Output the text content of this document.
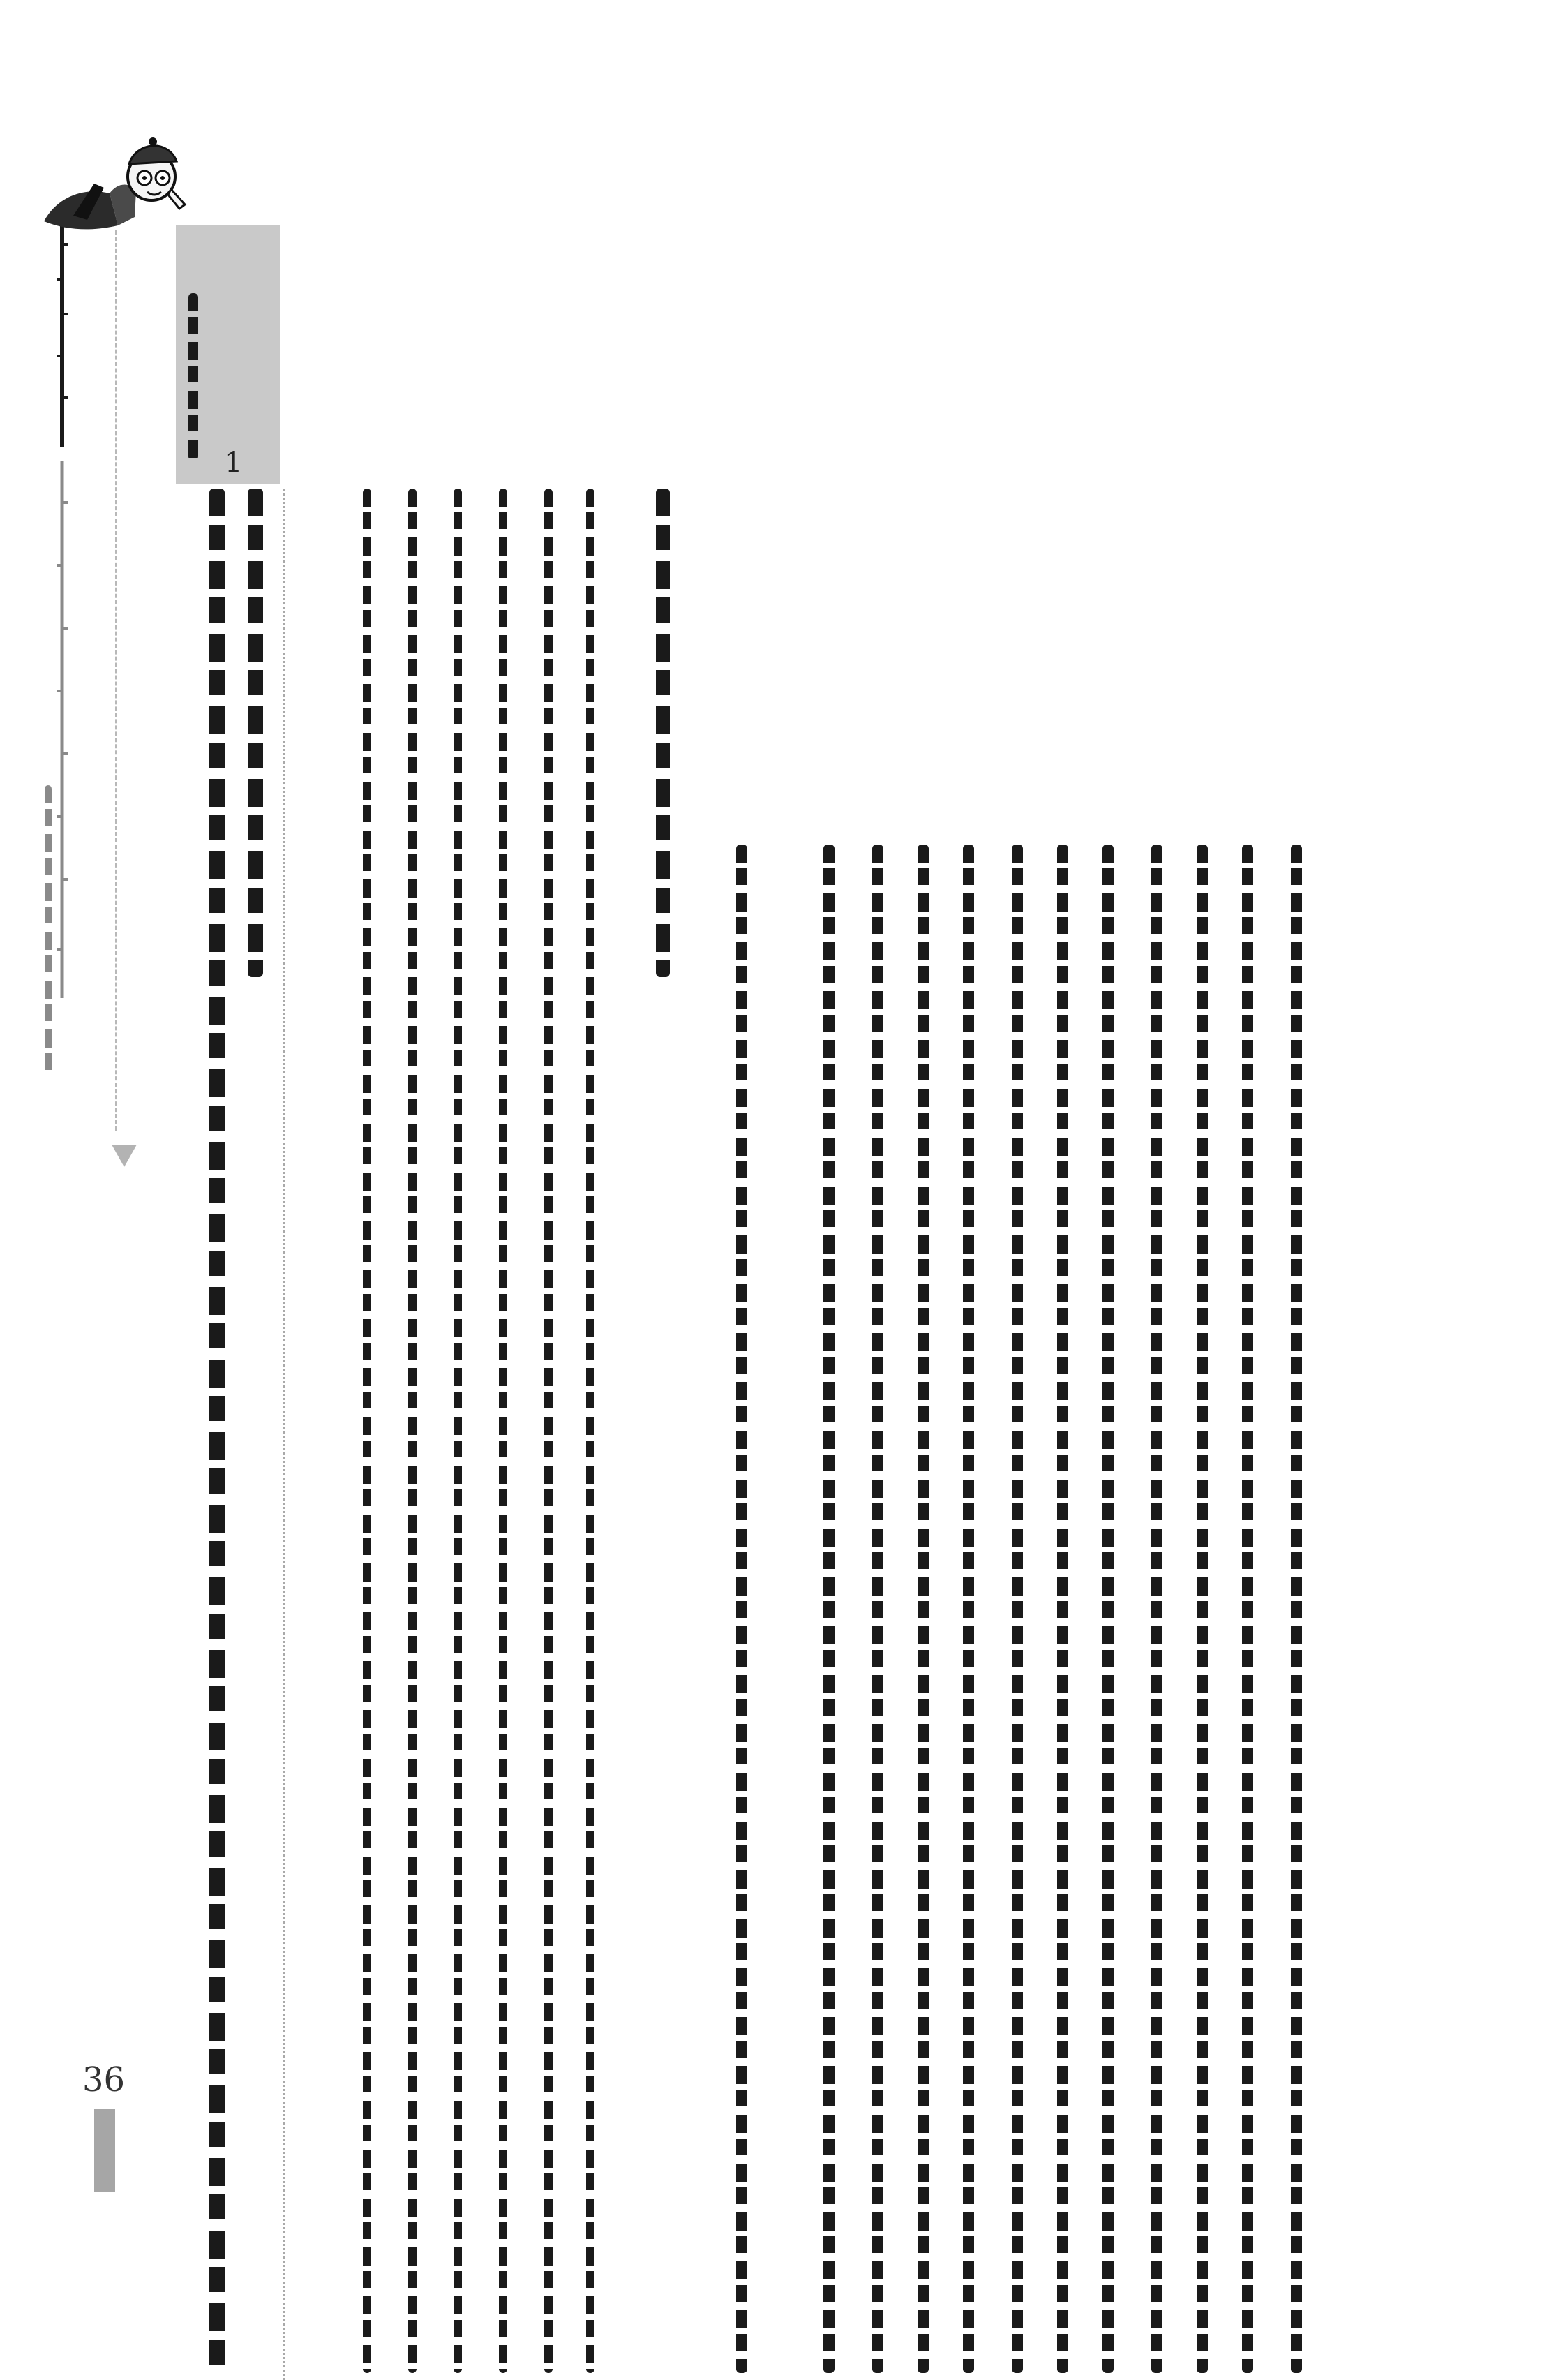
1
36
